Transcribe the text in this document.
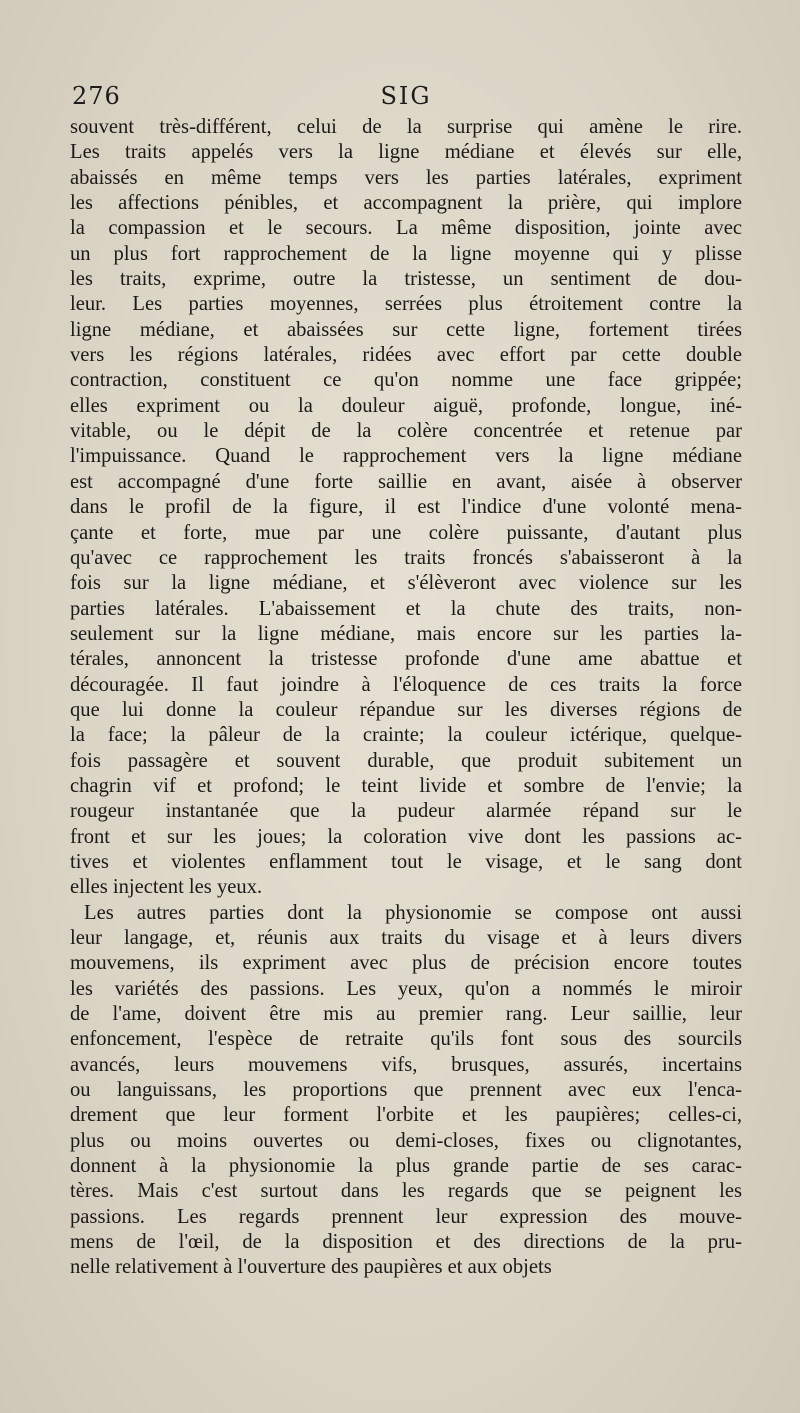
276	SIG
souvent très-différent, celui de la surprise qui amène le rire.
Les traits appelés vers la ligne médiane et élevés sur elle,
abaissés en même temps vers les parties latérales, expriment
les affections pénibles, et accompagnent la prière, qui implore
la compassion et le secours. La même disposition, jointe avec
un plus fort rapprochement de la ligne moyenne qui y plisse
les traits, exprime, outre la tristesse, un sentiment de dou-
leur. Les parties moyennes, serrées plus étroitement contre la
ligne médiane, et abaissées sur cette ligne, fortement tirées
vers les régions latérales, ridées avec effort par cette double
contraction, constituent ce qu'on nomme une face grippée;
elles expriment ou la douleur aiguë, profonde, longue, iné-
vitable, ou le dépit de la colère concentrée et retenue par
l'impuissance. Quand le rapprochement vers la ligne médiane
est accompagné d'une forte saillie en avant, aisée à observer
dans le profil de la figure, il est l'indice d'une volonté mena-
çante et forte, mue par une colère puissante, d'autant plus
qu'avec ce rapprochement les traits froncés s'abaisseront à la
fois sur la ligne médiane, et s'élèveront avec violence sur les
parties latérales. L'abaissement et la chute des traits, non-
seulement sur la ligne médiane, mais encore sur les parties la-
térales, annoncent la tristesse profonde d'une ame abattue et
découragée. Il faut joindre à l'éloquence de ces traits la force
que lui donne la couleur répandue sur les diverses régions de
la face; la pâleur de la crainte; la couleur ictérique, quelque-
fois passagère et souvent durable, que produit subitement un
chagrin vif et profond; le teint livide et sombre de l'envie; la
rougeur instantanée que la pudeur alarmée répand sur le
front et sur les joues; la coloration vive dont les passions ac-
tives et violentes enflamment tout le visage, et le sang dont
elles injectent les yeux.
Les autres parties dont la physionomie se compose ont aussi
leur langage, et, réunis aux traits du visage et à leurs divers
mouvemens, ils expriment avec plus de précision encore toutes
les variétés des passions. Les yeux, qu'on a nommés le miroir
de l'ame, doivent être mis au premier rang. Leur saillie, leur
enfoncement, l'espèce de retraite qu'ils font sous des sourcils
avancés, leurs mouvemens vifs, brusques, assurés, incertains
ou languissans, les proportions que prennent avec eux l'enca-
drement que leur forment l'orbite et les paupières; celles-ci,
plus ou moins ouvertes ou demi-closes, fixes ou clignotantes,
donnent à la physionomie la plus grande partie de ses carac-
tères. Mais c'est surtout dans les regards que se peignent les
passions. Les regards prennent leur expression des mouve-
mens de l'œil, de la disposition et des directions de la pru-
nelle relativement à l'ouverture des paupières et aux objets
